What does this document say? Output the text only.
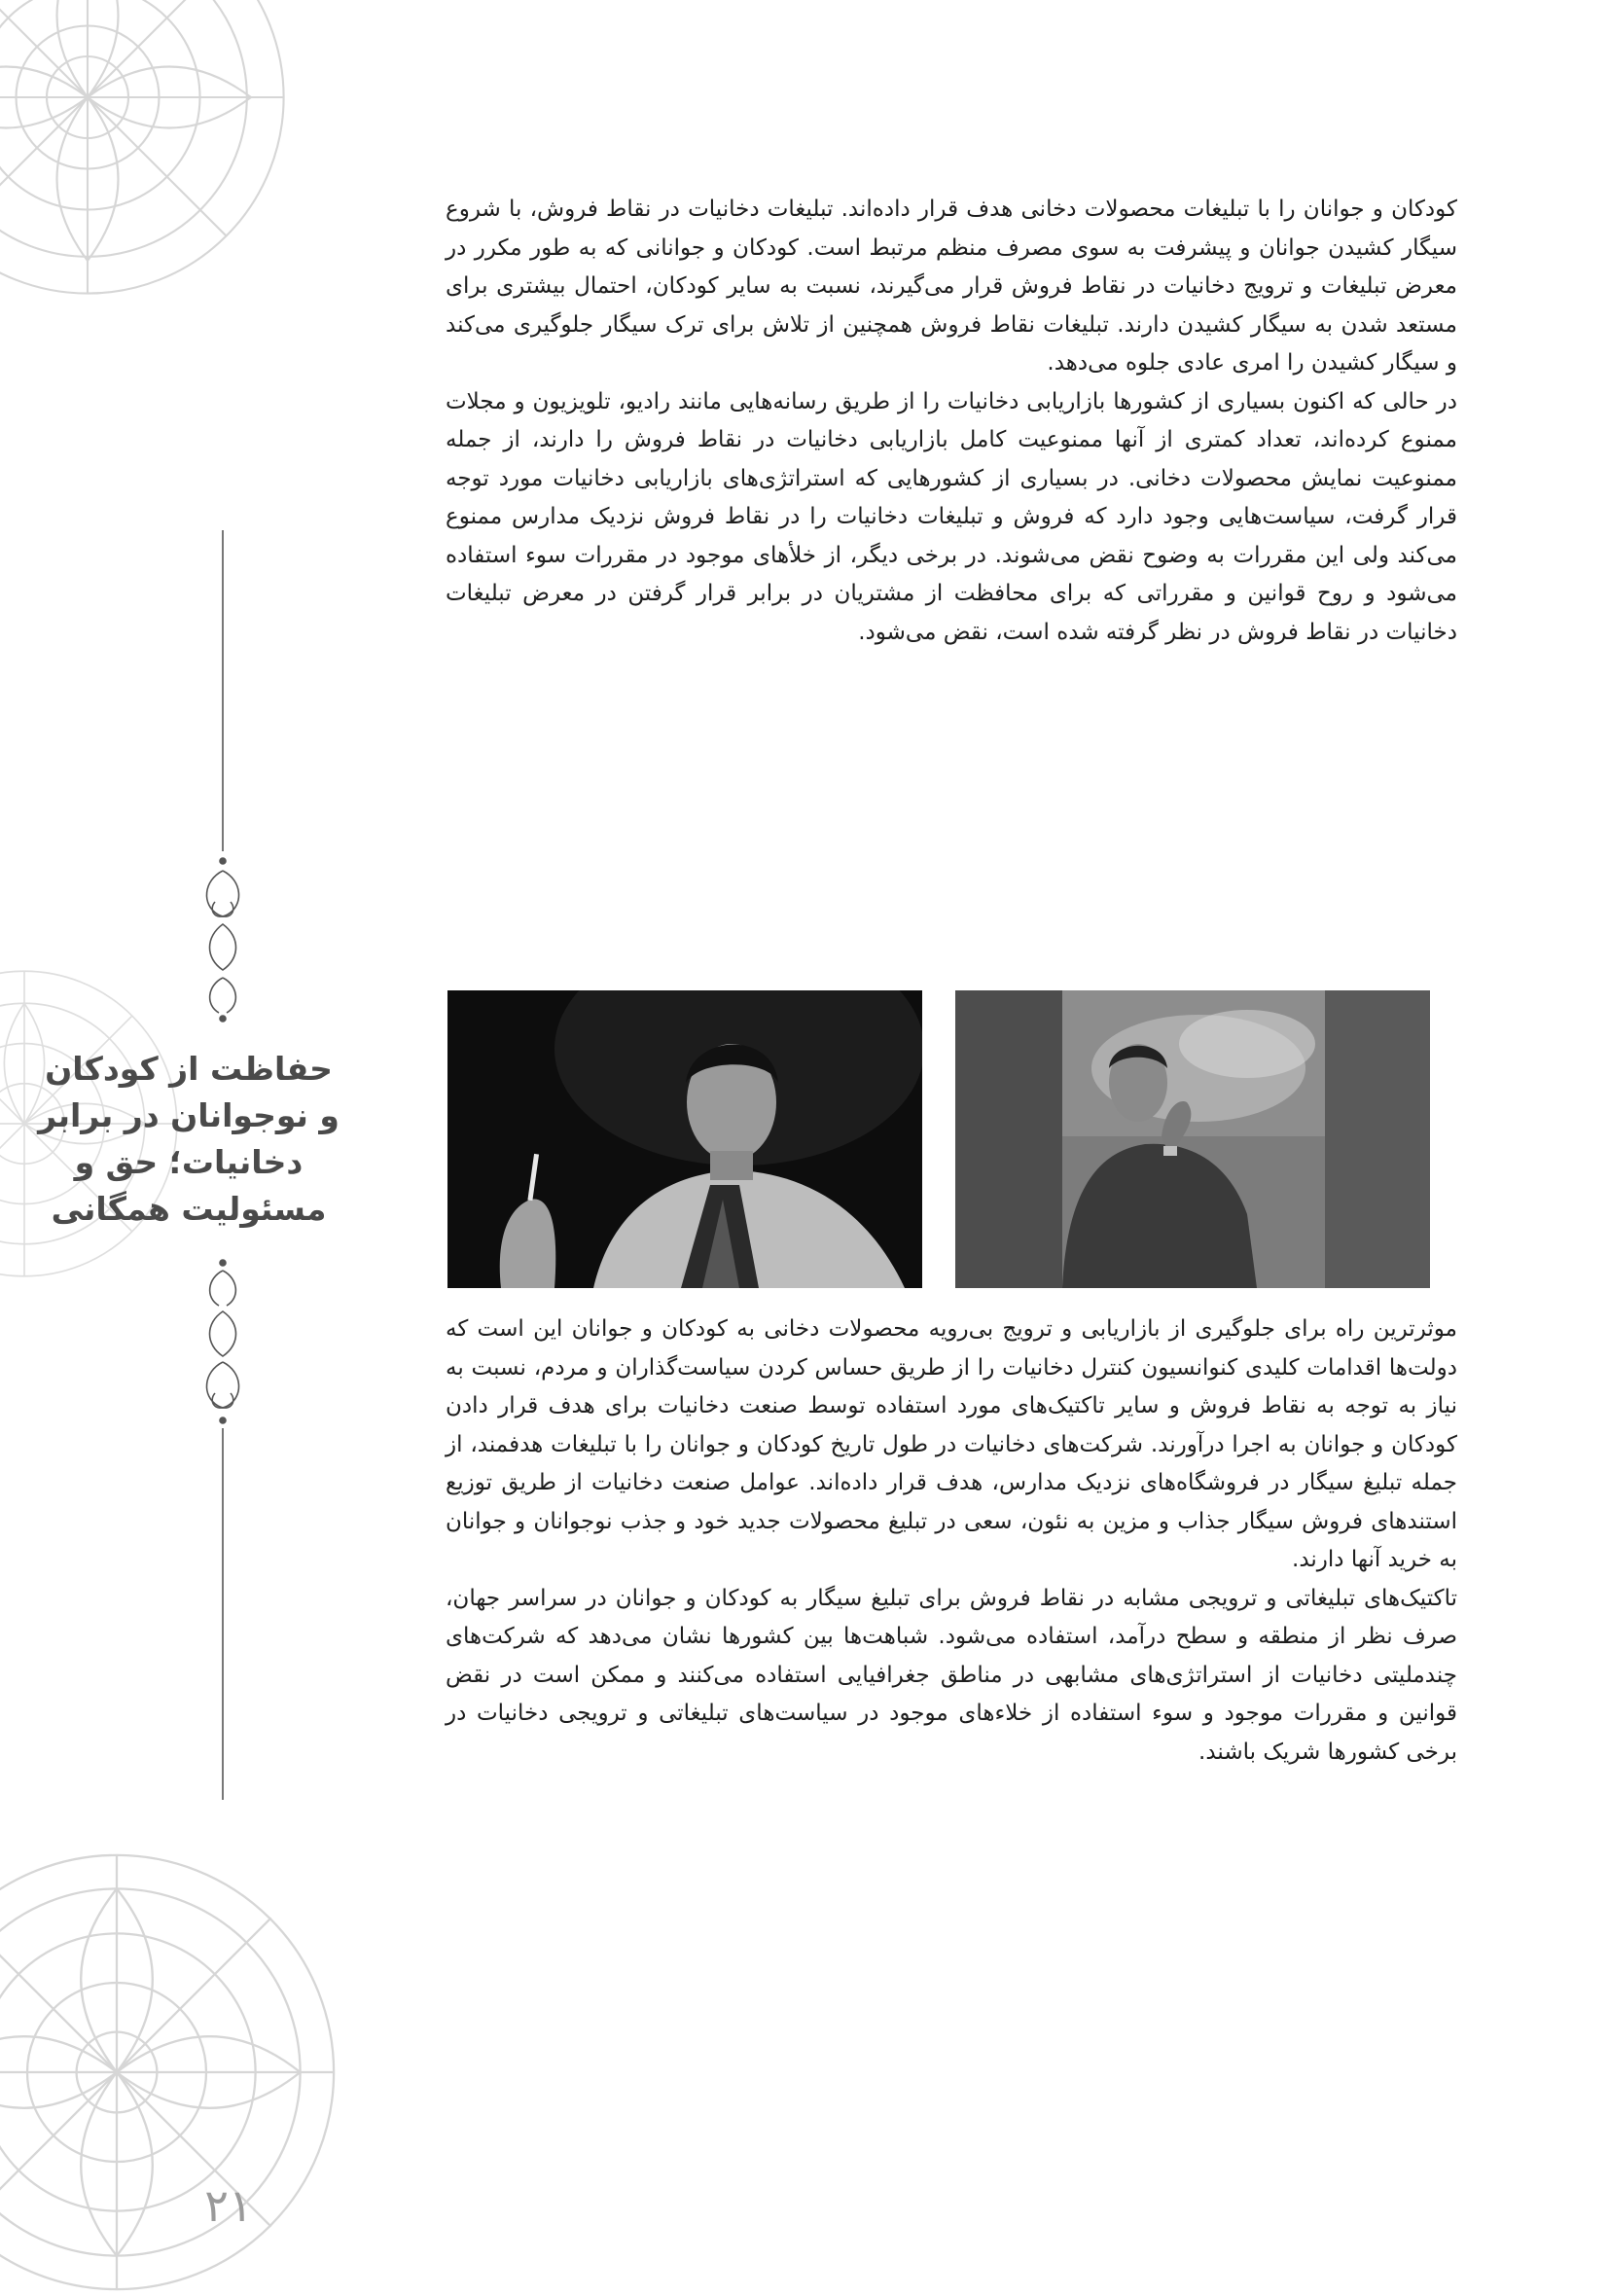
حفاظت از کودکان
و نوجوانان در برابر
دخانیات؛ حق و
مسئولیت همگانی

کودکان و جوانان را با تبلیغات محصولات دخانی هدف قرار داده‌اند. تبلیغات دخانیات در نقاط فروش، با شروع سیگار کشیدن جوانان و پیشرفت به سوی مصرف منظم مرتبط است. کودکان و جوانانی که به طور مکرر در معرض تبلیغات و ترویج دخانیات در نقاط فروش قرار می‌گیرند، نسبت به سایر کودکان، احتمال بیشتری برای مستعد شدن به سیگار کشیدن دارند. تبلیغات نقاط فروش همچنین از تلاش برای ترک سیگار جلوگیری می‌کند و سیگار کشیدن را امری عادی جلوه می‌دهد.

در حالی که اکنون بسیاری از کشورها بازاریابی دخانیات را از طریق رسانه‌هایی مانند رادیو، تلویزیون و مجلات ممنوع کرده‌اند، تعداد کمتری از آنها ممنوعیت کامل بازاریابی دخانیات در نقاط فروش را دارند، از جمله ممنوعیت نمایش محصولات دخانی. در بسیاری از کشورهایی که استراتژی‌های بازاریابی دخانیات مورد توجه قرار گرفت، سیاست‌هایی وجود دارد که فروش و تبلیغات دخانیات را در نقاط فروش نزدیک مدارس ممنوع می‌کند ولی این مقررات به وضوح نقض می‌شوند. در برخی دیگر، از خلأهای موجود در مقررات سوء استفاده می‌شود و روح قوانین و مقرراتی که برای محافظت از مشتریان در برابر قرار گرفتن در معرض تبلیغات دخانیات در نقاط فروش در نظر گرفته شده است، نقض می‌شود.

موثرترین راه برای جلوگیری از بازاریابی و ترویج بی‌رویه محصولات دخانی به کودکان و جوانان این است که دولت‌ها اقدامات کلیدی کنوانسیون کنترل دخانیات را از طریق حساس کردن سیاست‌گذاران و مردم، نسبت به نیاز به توجه به نقاط فروش و سایر تاکتیک‌های مورد استفاده توسط صنعت دخانیات برای هدف قرار دادن کودکان و جوانان به اجرا درآورند. شرکت‌های دخانیات در طول تاریخ کودکان و جوانان را با تبلیغات هدفمند، از جمله تبلیغ سیگار در فروشگاه‌های نزدیک مدارس، هدف قرار داده‌اند. عوامل صنعت دخانیات از طریق توزیع استندهای فروش سیگار جذاب و مزین به نئون، سعی در تبلیغ محصولات جدید خود و جذب نوجوانان و جوانان به خرید آنها دارند.

تاکتیک‌های تبلیغاتی و ترویجی مشابه در نقاط فروش برای تبلیغ سیگار به کودکان و جوانان در سراسر جهان، صرف نظر از منطقه و سطح درآمد، استفاده می‌شود. شباهت‌ها بین کشورها نشان می‌دهد که شرکت‌های چندملیتی دخانیات از استراتژی‌های مشابهی در مناطق جغرافیایی استفاده می‌کنند و ممکن است در نقض قوانین و مقررات موجود و سوء استفاده از خلاءهای موجود در سیاست‌های تبلیغاتی و ترویجی دخانیات در برخی کشورها شریک باشند.

۲۱
